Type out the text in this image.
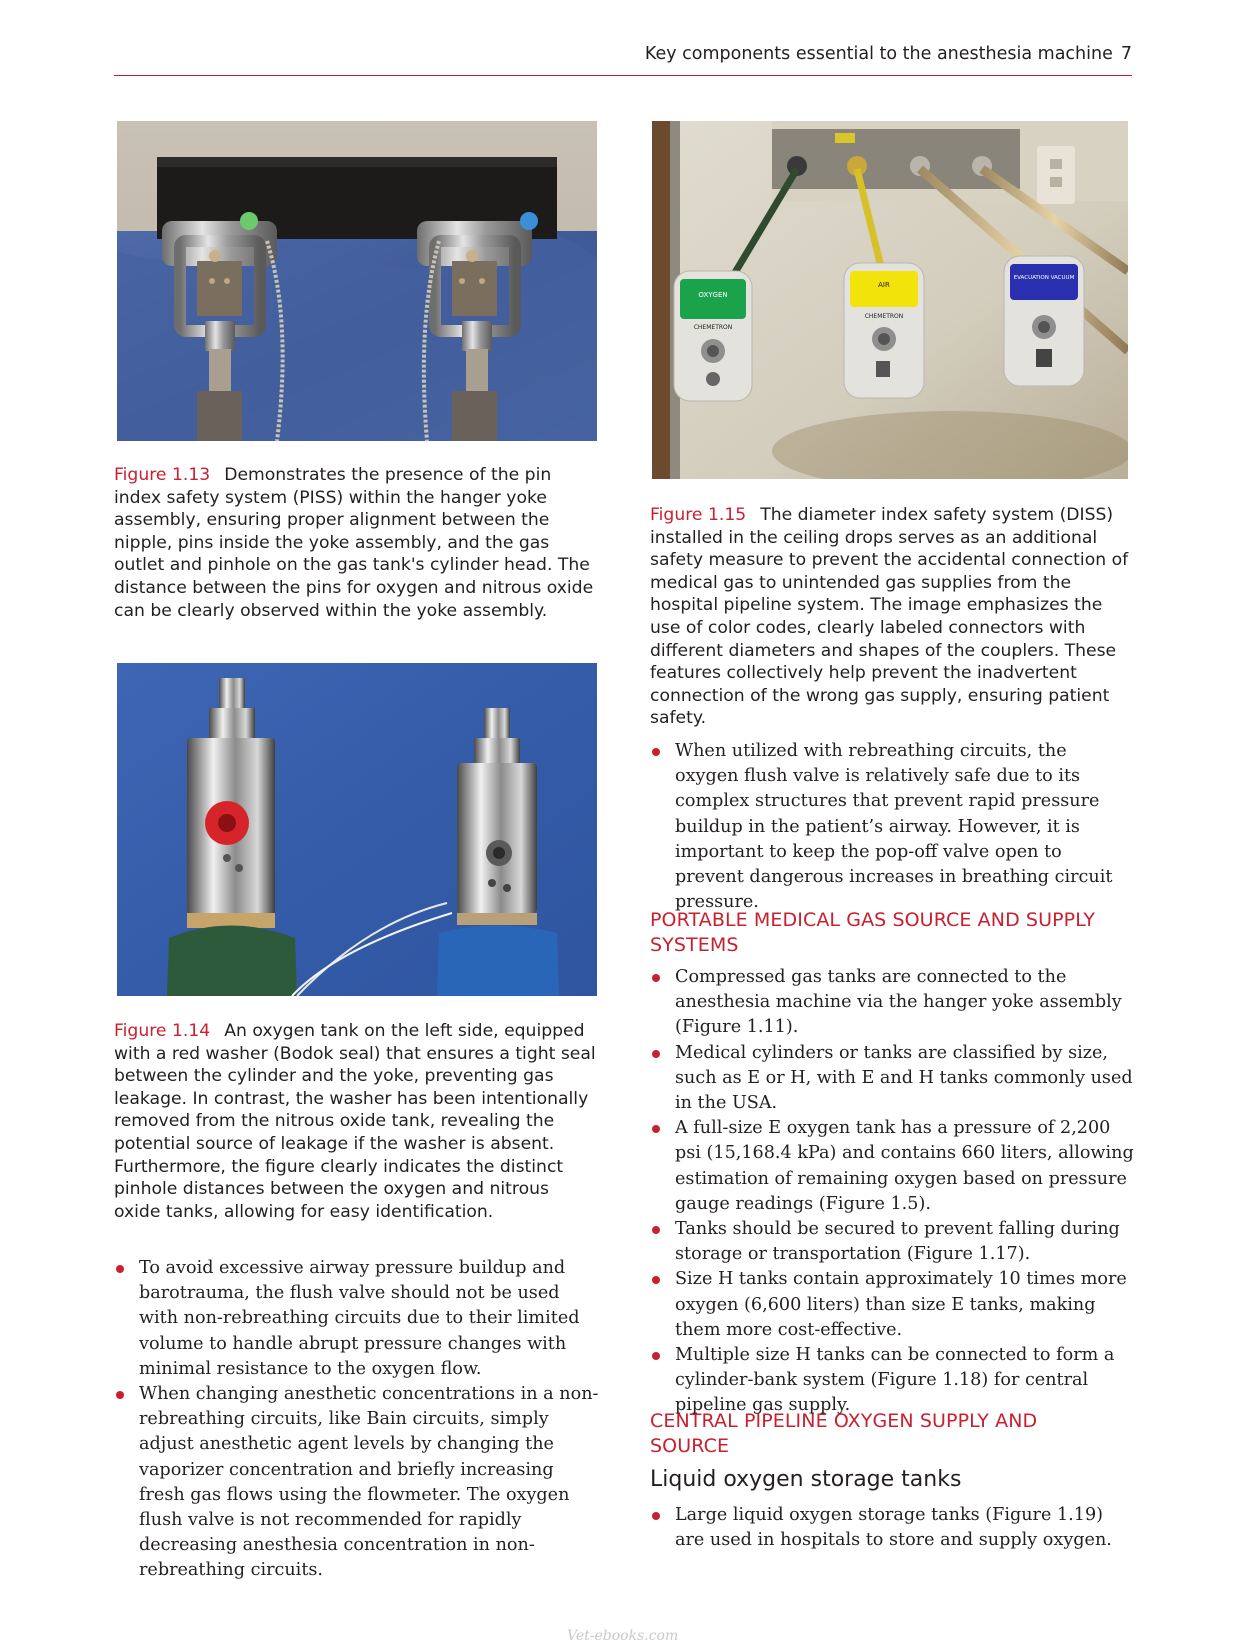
Key components essential to the anesthesia machine 7
Figure 1.13 Demonstrates the presence of the pin index safety system (PISS) within the hanger yoke assembly, ensuring proper alignment between the nipple, pins inside the yoke assembly, and the gas outlet and pinhole on the gas tank's cylinder head. The distance between the pins for oxygen and nitrous oxide can be clearly observed within the yoke assembly.
Figure 1.14 An oxygen tank on the left side, equipped with a red washer (Bodok seal) that ensures a tight seal between the cylinder and the yoke, preventing gas leakage. In contrast, the washer has been intentionally removed from the nitrous oxide tank, revealing the potential source of leakage if the washer is absent. Furthermore, the figure clearly indicates the distinct pinhole distances between the oxygen and nitrous oxide tanks, allowing for easy identification.
To avoid excessive airway pressure buildup and barotrauma, the flush valve should not be used with non-rebreathing circuits due to their limited volume to handle abrupt pressure changes with minimal resistance to the oxygen flow.
When changing anesthetic concentrations in a non-rebreathing circuits, like Bain circuits, simply adjust anesthetic agent levels by changing the vaporizer concentration and briefly increasing fresh gas flows using the flowmeter. The oxygen flush valve is not recommended for rapidly decreasing anesthesia concentration in non-rebreathing circuits.
OXYGEN
CHEMETRON
AIR
CHEMETRON
EVACUATION VACUUM
Figure 1.15 The diameter index safety system (DISS) installed in the ceiling drops serves as an additional safety measure to prevent the accidental connection of medical gas to unintended gas supplies from the hospital pipeline system. The image emphasizes the use of color codes, clearly labeled connectors with different diameters and shapes of the couplers. These features collectively help prevent the inadvertent connection of the wrong gas supply, ensuring patient safety.
When utilized with rebreathing circuits, the oxygen flush valve is relatively safe due to its complex structures that prevent rapid pressure buildup in the patient’s airway. However, it is important to keep the pop-off valve open to prevent dangerous increases in breathing circuit pressure.
PORTABLE MEDICAL GAS SOURCE AND SUPPLY SYSTEMS
Compressed gas tanks are connected to the anesthesia machine via the hanger yoke assembly (Figure 1.11).
Medical cylinders or tanks are classified by size, such as E or H, with E and H tanks commonly used in the USA.
A full-size E oxygen tank has a pressure of 2,200 psi (15,168.4 kPa) and contains 660 liters, allowing estimation of remaining oxygen based on pressure gauge readings (Figure 1.5).
Tanks should be secured to prevent falling during storage or transportation (Figure 1.17).
Size H tanks contain approximately 10 times more oxygen (6,600 liters) than size E tanks, making them more cost-effective.
Multiple size H tanks can be connected to form a cylinder-bank system (Figure 1.18) for central pipeline gas supply.
CENTRAL PIPELINE OXYGEN SUPPLY AND SOURCE
Liquid oxygen storage tanks
Large liquid oxygen storage tanks (Figure 1.19) are used in hospitals to store and supply oxygen.
Vet-ebooks.com
